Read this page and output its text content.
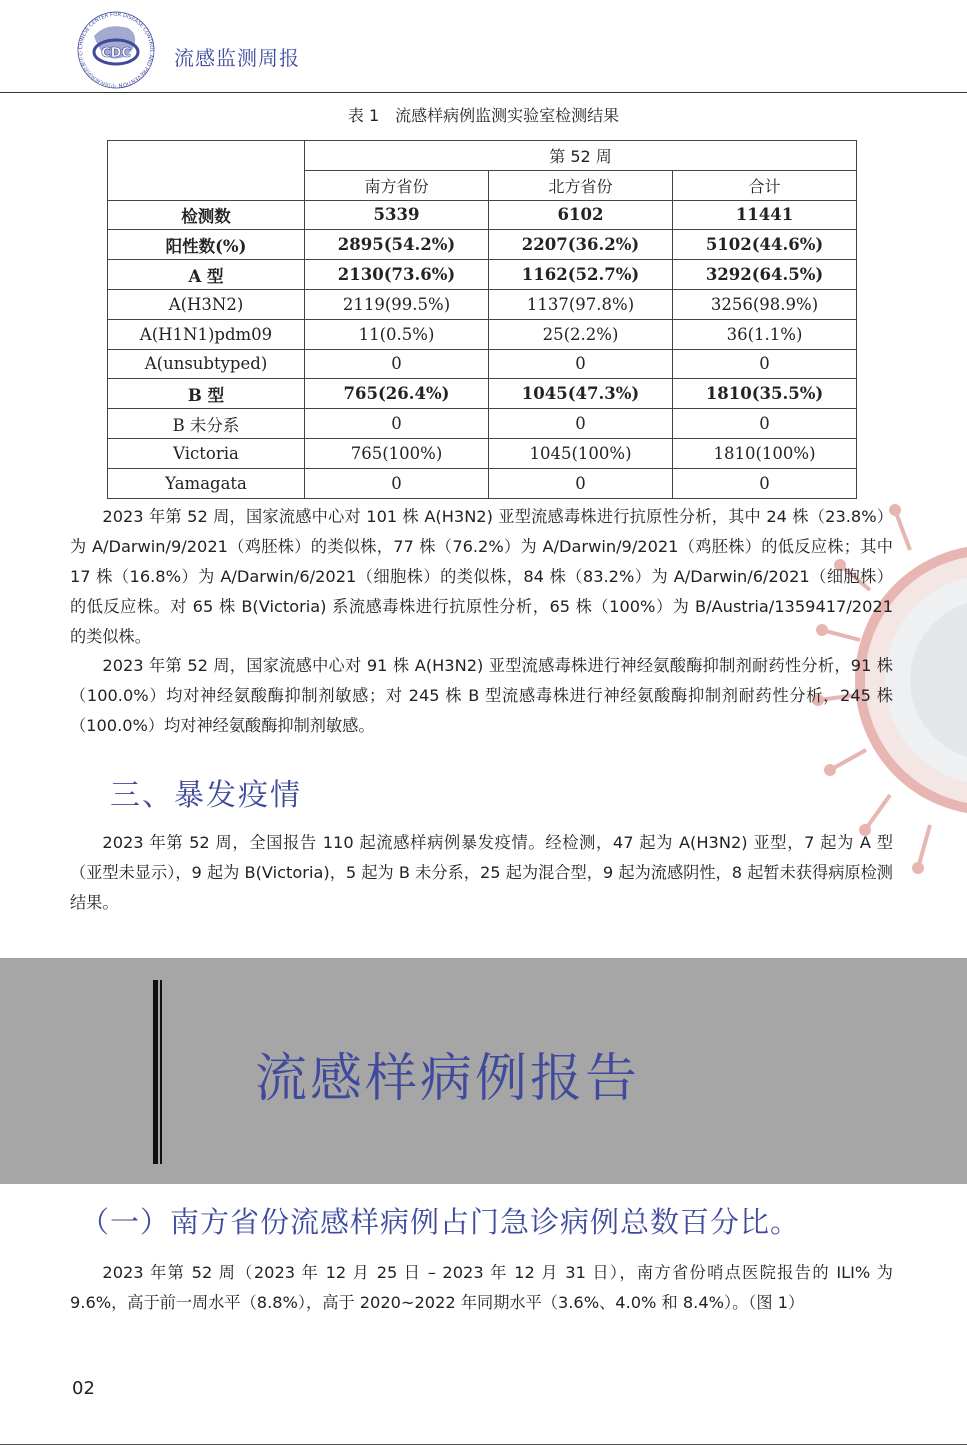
中国疾病预防控制中心 CHINESE CENTER FOR DISEASE CONTROL AND PREVENTION
CDC 流感监测周报
表 1　流感样病例监测实验室检测结果
	第 52 周		
	南方省份	北方省份	合计
检测数	5339	6102	11441
阳性数(%)	2895(54.2%)	2207(36.2%)	5102(44.6%)
A 型	2130(73.6%)	1162(52.7%)	3292(64.5%)
A(H3N2)	2119(99.5%)	1137(97.8%)	3256(98.9%)
A(H1N1)pdm09	11(0.5%)	25(2.2%)	36(1.1%)
A(unsubtyped)	0	0	0
B 型	765(26.4%)	1045(47.3%)	1810(35.5%)
B 未分系	0	0	0
Victoria	765(100%)	1045(100%)	1810(100%)
Yamagata	0	0	0
2023 年第 52 周，国家流感中心对 101 株 A(H3N2) 亚型流感毒株进行抗原性分析，其中 24 株（23.8%）为 A/Darwin/9/2021（鸡胚株）的类似株，77 株（76.2%）为 A/Darwin/9/2021（鸡胚株）的低反应株；其中 17 株（16.8%）为 A/Darwin/6/2021（细胞株）的类似株，84 株（83.2%）为 A/Darwin/6/2021（细胞株）的低反应株。对 65 株 B(Victoria) 系流感毒株进行抗原性分析，65 株（100%）为 B/Austria/1359417/2021 的类似株。
2023 年第 52 周，国家流感中心对 91 株 A(H3N2) 亚型流感毒株进行神经氨酸酶抑制剂耐药性分析，91 株（100.0%）均对神经氨酸酶抑制剂敏感；对 245 株 B 型流感毒株进行神经氨酸酶抑制剂耐药性分析，245 株（100.0%）均对神经氨酸酶抑制剂敏感。
三、暴发疫情
2023 年第 52 周，全国报告 110 起流感样病例暴发疫情。经检测，47 起为 A(H3N2) 亚型，7 起为 A 型（亚型未显示），9 起为 B(Victoria)，5 起为 B 未分系，25 起为混合型，9 起为流感阴性，8 起暂未获得病原检测结果。
流感样病例报告
（一）南方省份流感样病例占门急诊病例总数百分比。
2023 年第 52 周（2023 年 12 月 25 日 – 2023 年 12 月 31 日），南方省份哨点医院报告的 ILI% 为 9.6%，高于前一周水平（8.8%），高于 2020~2022 年同期水平（3.6%、4.0% 和 8.4%）。（图 1）
02
